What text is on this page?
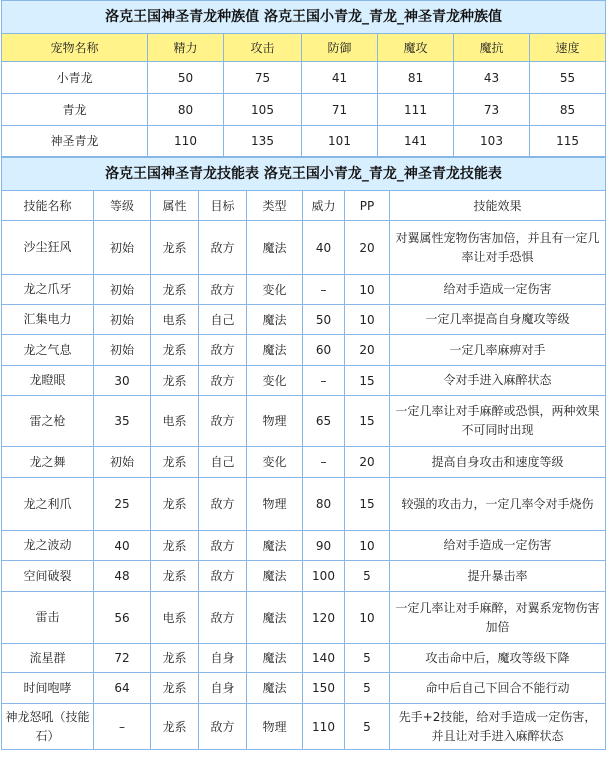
洛克王国神圣青龙种族值 洛克王国小青龙_青龙_神圣青龙种族值						
宠物名称	精力	攻击	防御	魔攻	魔抗	速度
小青龙	50	75	41	81	43	55
青龙	80	105	71	111	73	85
神圣青龙	110	135	101	141	103	115
洛克王国神圣青龙技能表 洛克王国小青龙_青龙_神圣青龙技能表							
技能名称	等级	属性	目标	类型	威力	PP	技能效果
沙尘狂风	初始	龙系	敌方	魔法	40	20	对翼属性宠物伤害加倍，并且有一定几率让对手恐惧
龙之爪牙	初始	龙系	敌方	变化	–	10	给对手造成一定伤害
汇集电力	初始	电系	自己	魔法	50	10	一定几率提高自身魔攻等级
龙之气息	初始	龙系	敌方	魔法	60	20	一定几率麻痹对手
龙瞪眼	30	龙系	敌方	变化	–	15	令对手进入麻醉状态
雷之枪	35	电系	敌方	物理	65	15	一定几率让对手麻醉或恐惧，两种效果不可同时出现
龙之舞	初始	龙系	自己	变化	–	20	提高自身攻击和速度等级
龙之利爪	25	龙系	敌方	物理	80	15	较强的攻击力，一定几率令对手烧伤
龙之波动	40	龙系	敌方	魔法	90	10	给对手造成一定伤害
空间破裂	48	龙系	敌方	魔法	100	5	提升暴击率
雷击	56	电系	敌方	魔法	120	10	一定几率让对手麻醉，对翼系宠物伤害加倍
流星群	72	龙系	自身	魔法	140	5	攻击命中后，魔攻等级下降
时间咆哮	64	龙系	自身	魔法	150	5	命中后自己下回合不能行动
神龙怒吼（技能石）	–	龙系	敌方	物理	110	5	先手+2技能，给对手造成一定伤害，并且让对手进入麻醉状态
